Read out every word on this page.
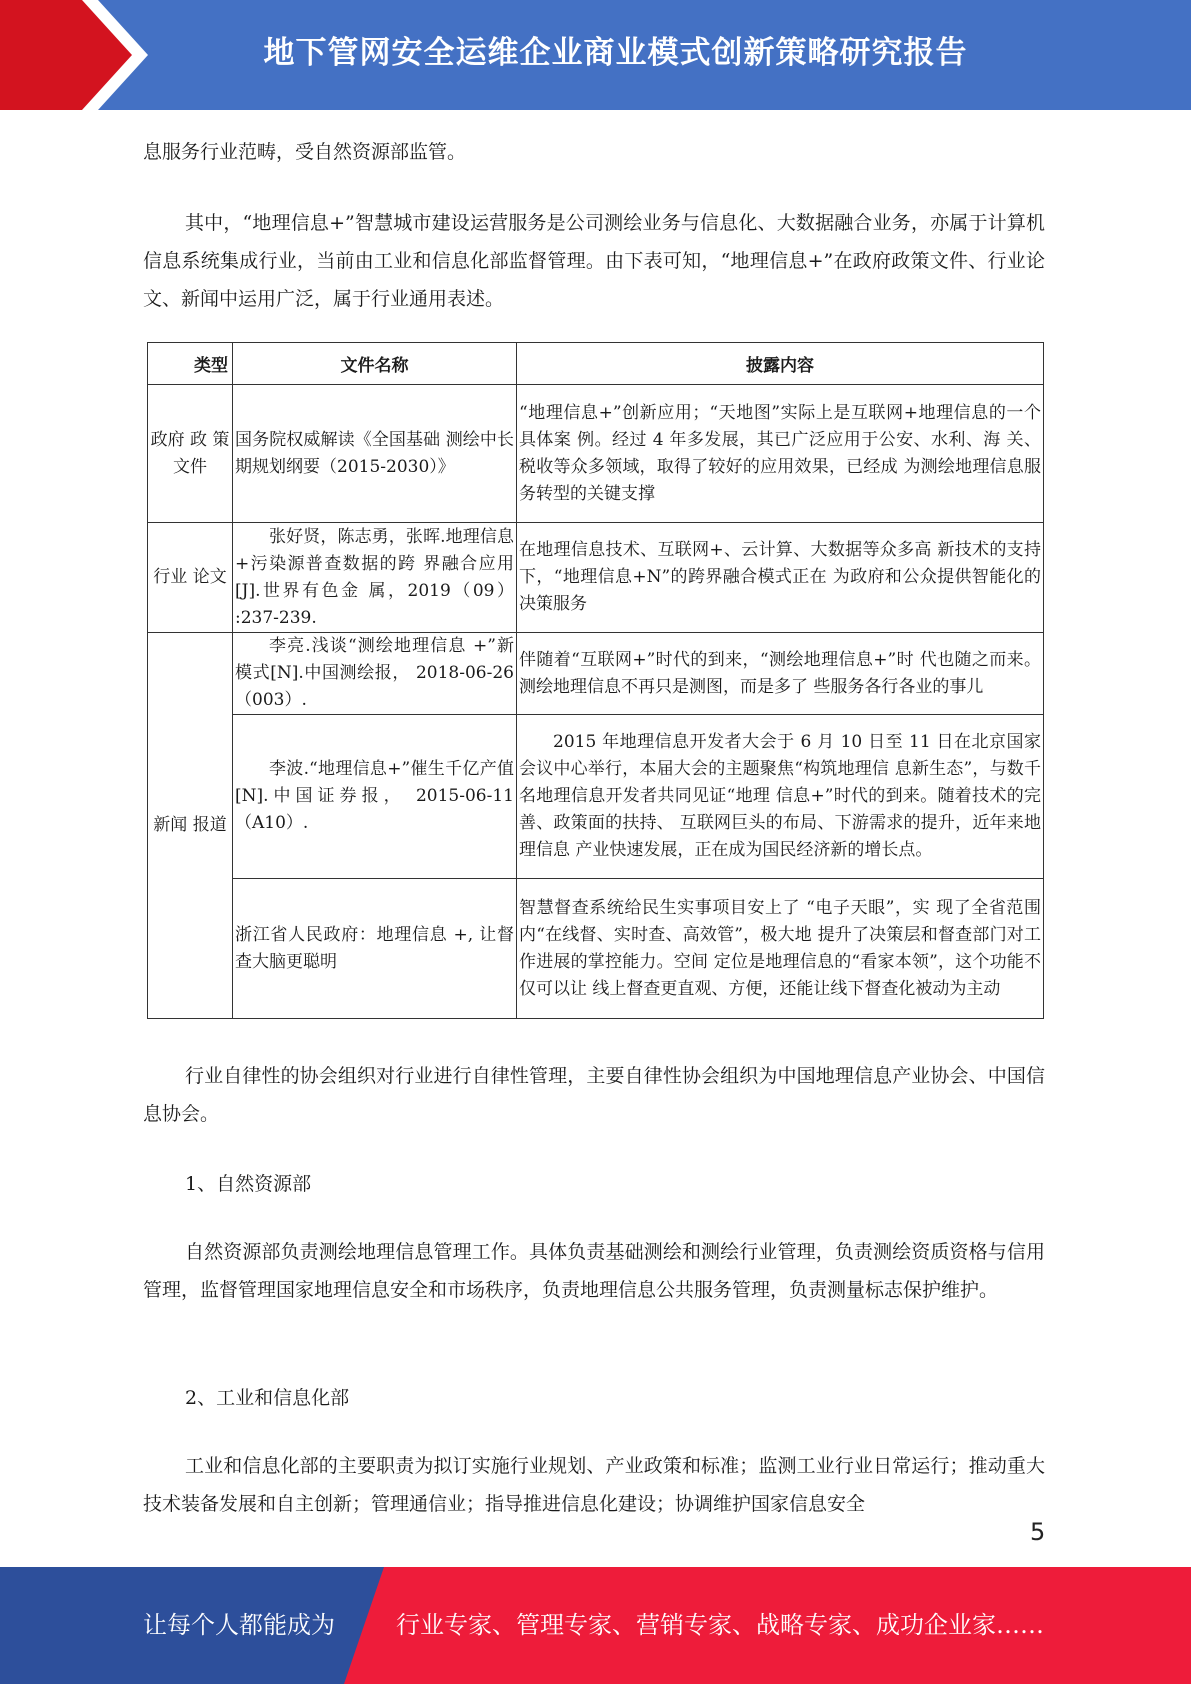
地下管网安全运维企业商业模式创新策略研究报告

息服务行业范畴，受自然资源部监管。

其中，“地理信息+”智慧城市建设运营服务是公司测绘业务与信息化、大数据融合业务，亦属于计算机信息系统集成行业，当前由工业和信息化部监督管理。由下表可知，“地理信息+”在政府政策文件、行业论文、新闻中运用广泛，属于行业通用表述。

类型	文件名称	披露内容
政府 政 策 文件	国务院权威解读《全国基础 测绘中长期规划纲要（2015-2030）》	“地理信息+”创新应用；“天地图”实际上是互联网+地理信息的一个具体案 例。经过 4 年多发展，其已广泛应用于公安、水利、海 关、税收等众多领域，取得了较好的应用效果，已经成 为测绘地理信息服务转型的关键支撑
行业 论文	张好贤，陈志勇，张晖.地理信息+污染源普查数据的跨 界融合应用[J].世界有色金 属，2019（09） :237-239.	在地理信息技术、互联网+、云计算、大数据等众多高 新技术的支持下，“地理信息+N”的跨界融合模式正在 为政府和公众提供智能化的决策服务
新闻 报道	李亮.浅谈“测绘地理信息 +”新模式[N].中国测绘报， 2018-06-26 （003）.	伴随着“互联网+”时代的到来，“测绘地理信息+”时 代也随之而来。测绘地理信息不再只是测图，而是多了 些服务各行各业的事儿
	李波.“地理信息+”催生千亿产值[N].中国证券报， 2015-06-11（A10）.	2015 年地理信息开发者大会于 6 月 10 日至 11 日在北京国家会议中心举行，本届大会的主题聚焦“构筑地理信 息新生态”，与数千名地理信息开发者共同见证“地理 信息+”时代的到来。随着技术的完善、政策面的扶持、 互联网巨头的布局、下游需求的提升，近年来地理信息 产业快速发展，正在成为国民经济新的增长点。
	浙江省人民政府：地理信息 +, 让督查大脑更聪明	智慧督查系统给民生实事项目安上了 “电子天眼”，实 现了全省范围内“在线督、实时查、高效管”，极大地 提升了决策层和督查部门对工作进展的掌控能力。空间 定位是地理信息的“看家本领”，这个功能不仅可以让 线上督查更直观、方便，还能让线下督查化被动为主动

行业自律性的协会组织对行业进行自律性管理，主要自律性协会组织为中国地理信息产业协会、中国信息协会。

1、自然资源部

自然资源部负责测绘地理信息管理工作。具体负责基础测绘和测绘行业管理，负责测绘资质资格与信用管理，监督管理国家地理信息安全和市场秩序，负责地理信息公共服务管理，负责测量标志保护维护。

2、工业和信息化部

工业和信息化部的主要职责为拟订实施行业规划、产业政策和标准；监测工业行业日常运行；推动重大技术装备发展和自主创新；管理通信业；指导推进信息化建设；协调维护国家信息安全

5
让每个人都能成为	行业专家、管理专家、营销专家、战略专家、成功企业家……
